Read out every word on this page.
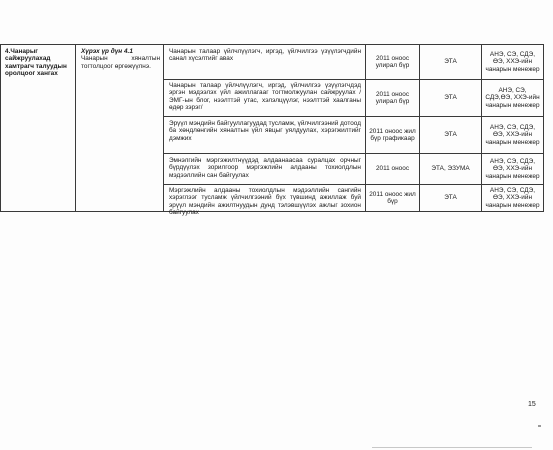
4.Чанарыг сайжруулахад хамтрагч талуудын оролцоог хангах
Хүрэх үр дүн 4.1
Чанарын хяналтын тогтолцоог өргөжүүлнэ.
Чанарын талаар үйлчлүүлэгч, иргэд, үйлчилгээ үзүүлэгчдийн санал хүсэлтийг авах	2011 оноос улирал бүр
ЭТА
АНЭ, СЭ, СДЭ, ӨЭ, ХХЭ-ийн чанарын менежер
Чанарын талаар үйлчлүүлэгч, иргэд, үйлчилгээ үзүүлэгчдэд эргэн мэдээлэх үйл ажиллагааг тогтмолжуулан сайжруулах /ЭМГ-ын блог, нээлттэй утас, хэлэлцүүлэг, нээлттэй хаалганы өдөр зэрэг/
2011 оноос улирал бүр
ЭТА
АНЭ, СЭ, СДЭ,ӨЭ, ХХЭ-ийн чанарын менежер
Эрүүл мэндийн байгууллагуудад тусламж, үйлчилгээний дотоод ба хөндлөнгийн хяналтын үйл явцыг уялдуулах, хэрэгжилтийг дэмжих
2011 оноос жил бүр графикаар
ЭТА
АНЭ, СЭ, СДЭ, ӨЭ, ХХЭ-ийн чанарын менежер
Эмнэлгийн мэргэжилтнүүдэд алдаанаасаа суралцах орчныг бүрдүүлэх зорилгоор мэргэжлийн алдааны тохиолдлын мэдээллийн сан байгуулах
2011 оноос	ЭТА, ЭЗУМА
АНЭ, СЭ, СДЭ, ӨЭ, ХХЭ-ийн чанарын менежер
Мэргэжлийн алдааны тохиолдлын мэдээллийн сангийн хэрэглээг тусламж үйлчилгээний бүх түвшинд ажиллаж буй эрүүл мэндийн ажилтнуудын дунд тэлэвшүүлэх ажлыг зохион байгуулах
2011 оноос жил бүр
ЭТА
АНЭ, СЭ, СДЭ, ӨЭ, ХХЭ-ийн чанарын менежер
15
